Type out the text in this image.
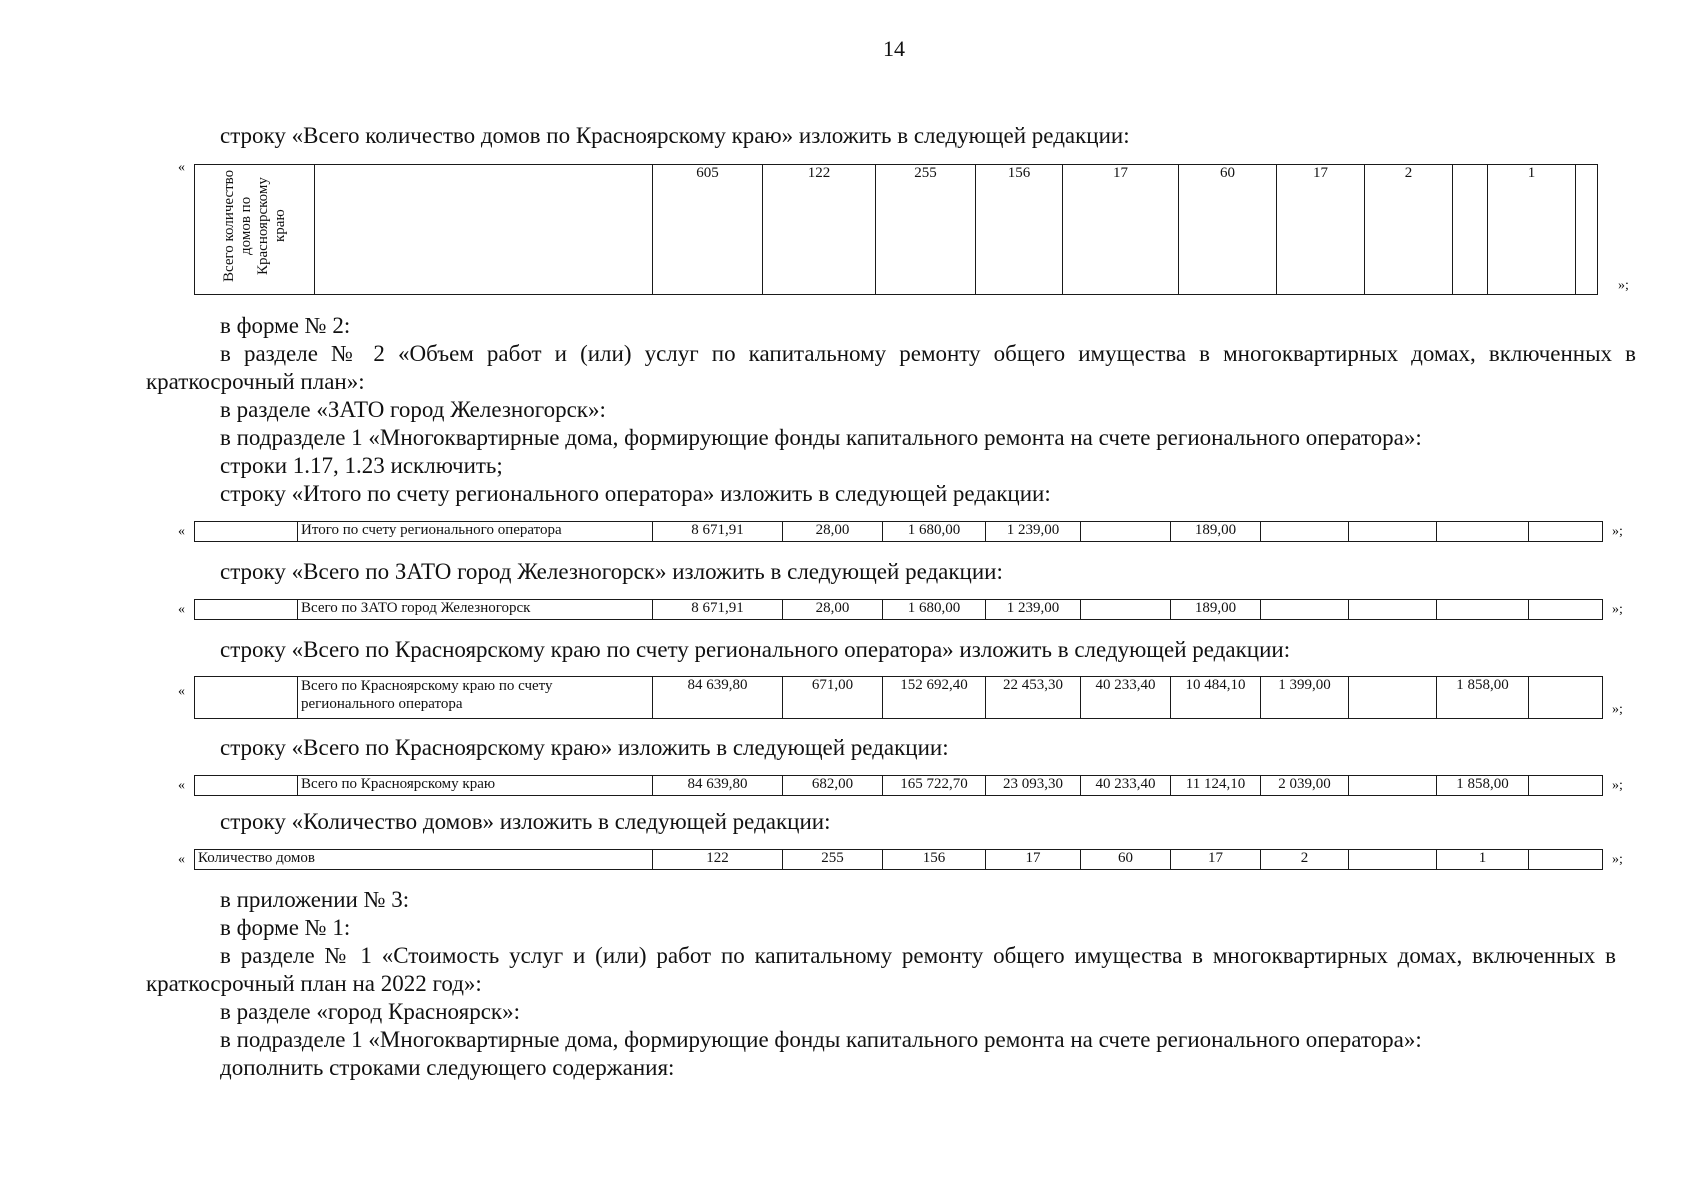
14
строку «Всего количество домов по Красноярскому краю» изложить в следующей редакции:
«
Всего количество домов по Красноярскому краю
		605	122	255	156	17	60	17	2		1	
»;
в форме № 2:
в разделе № 2 «Объем работ и (или) услуг по капитальному ремонту общего имущества в многоквартирных домах, включенных в краткосрочный план»:
в разделе «ЗАТО город Железногорск»:
в подразделе 1 «Многоквартирные дома, формирующие фонды капитального ремонта на счете регионального оператора»:
строки 1.17, 1.23 исключить;
строку «Итого по счету регионального оператора» изложить в следующей редакции:
«
		Итого по счету регионального оператора	8 671,91	28,00	1 680,00	1 239,00		189,00					»;
строку «Всего по ЗАТО город Железногорск» изложить в следующей редакции:
«
		Всего по ЗАТО город Железногорск	8 671,91	28,00	1 680,00	1 239,00		189,00					»;
строку «Всего по Красноярскому краю по счету регионального оператора» изложить в следующей редакции:
«
		Всего по Красноярскому краю по счету регионального оператора	84 639,80	671,00	152 692,40	22 453,30	40 233,40	10 484,10	1 399,00		1 858,00	
»;
строку «Всего по Красноярскому краю» изложить в следующей редакции:
«
		Всего по Красноярскому краю	84 639,80	682,00	165 722,70	23 093,30	40 233,40	11 124,10	2 039,00		1 858,00		»;
строку «Количество домов» изложить в следующей редакции:
« Количество домов	122	255	156	17	60	17	2		1		»;
в приложении № 3:
в форме № 1:
в разделе № 1 «Стоимость услуг и (или) работ по капитальному ремонту общего имущества в многоквартирных домах, включенных в краткосрочный план на 2022 год»:
в разделе «город Красноярск»:
в подразделе 1 «Многоквартирные дома, формирующие фонды капитального ремонта на счете регионального оператора»:
дополнить строками следующего содержания:
